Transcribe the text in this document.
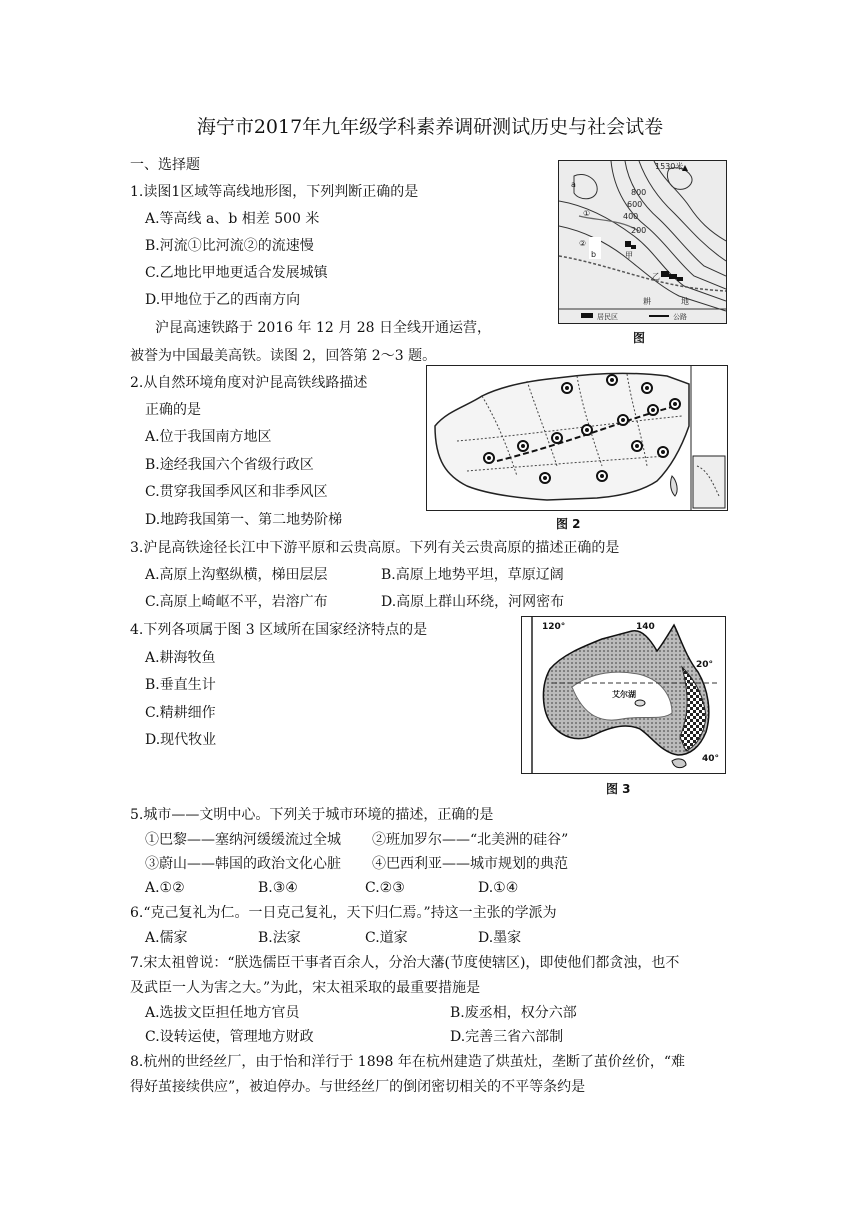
海宁市2017年九年级学科素养调研测试历史与社会试卷
一、选择题
1.读图1区域等高线地形图，下列判断正确的是
A.等高线 a、b 相差 500 米
B.河流①比河流②的流速慢
C.乙地比甲地更适合发展城镇
D.甲地位于乙的西南方向
沪昆高速铁路于 2016 年 12 月 28 日全线开通运营，
被誉为中国最美高铁。读图 2，回答第 2～3 题。
1530米
800
600
400
200
a
b
①
②
甲
乙
耕	地
居民区	公路
图
2.从自然环境角度对沪昆高铁线路描述
正确的是
A.位于我国南方地区
B.途经我国六个省级行政区
C.贯穿我国季风区和非季风区
D.地跨我国第一、第二地势阶梯	图 2
3.沪昆高铁途径长江中下游平原和云贵高原。下列有关云贵高原的描述正确的是
A.高原上沟壑纵横，梯田层层	B.高原上地势平坦，草原辽阔
C.高原上崎岖不平，岩溶广布	D.高原上群山环绕，河网密布
4.下列各项属于图 3 区域所在国家经济特点的是
A.耕海牧鱼
B.垂直生计
C.精耕细作
D.现代牧业
120°	140
20°
40°
艾尔湖
图 3
5.城市——文明中心。下列关于城市环境的描述，正确的是
①巴黎——塞纳河缓缓流过全城 ②班加罗尔——“北美洲的硅谷”
③蔚山——韩国的政治文化心脏 ④巴西利亚——城市规划的典范
A.①②	B.③④	C.②③	D.①④
6.“克己复礼为仁。一日克己复礼，天下归仁焉。”持这一主张的学派为
A.儒家	B.法家	C.道家	D.墨家
7.宋太祖曾说：“朕选儒臣干事者百余人，分治大藩(节度使辖区)，即使他们都贪浊，也不
及武臣一人为害之大。”为此，宋太祖采取的最重要措施是
A.选拔文臣担任地方官员	B.废丞相，权分六部
C.设转运使，管理地方财政	D.完善三省六部制
8.杭州的世经丝厂，由于怡和洋行于 1898 年在杭州建造了烘茧灶，垄断了茧价丝价，“难
得好茧接续供应”，被迫停办。与世经丝厂的倒闭密切相关的不平等条约是
